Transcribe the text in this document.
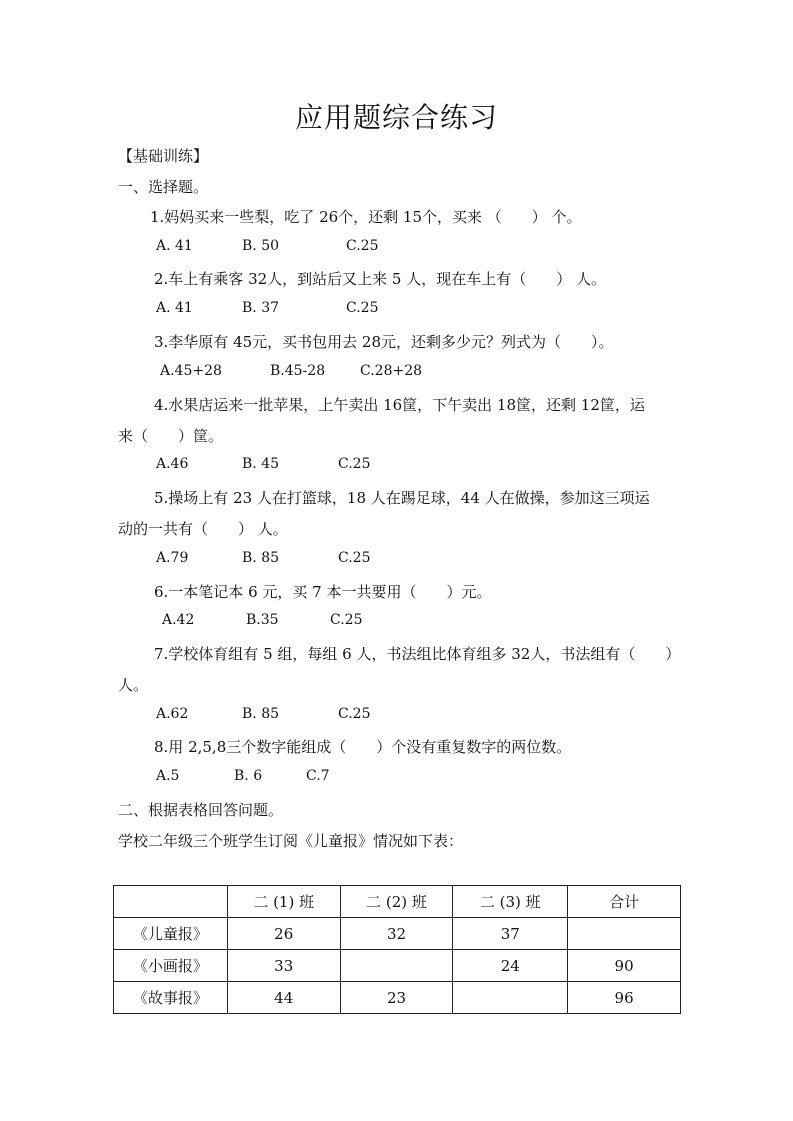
应用题综合练习
【基础训练】
一、选择题。
1.妈妈买来一些梨，吃了 26个，还剩 15个，买来 （　　） 个。
A. 41	B. 50	C.25
2.车上有乘客 32人，到站后又上来 5 人，现在车上有（　　） 人。
A. 41	B. 37	C.25
3.李华原有 45元，买书包用去 28元，还剩多少元？列式为（　　）。
A.45+28	B.45-28 C.28+28
4.水果店运来一批苹果，上午卖出 16筐，下午卖出 18筐，还剩 12筐，运
来（　　）筐。
A.46	B. 45	C.25
5.操场上有 23 人在打篮球，18 人在踢足球，44 人在做操，参加这三项运
动的一共有（　　） 人。
A.79	B. 85	C.25
6.一本笔记本 6 元，买 7 本一共要用（　　）元。
A.42	B.35	C.25
7.学校体育组有 5 组，每组 6 人，书法组比体育组多 32人，书法组有（　　）
人。
A.62	B. 85	C.25
8.用 2,5,8三个数字能组成（　　）个没有重复数字的两位数。
A.5	B. 6	C.7
二、根据表格回答问题。
学校二年级三个班学生订阅《儿童报》情况如下表：
	二 (1) 班	二 (2) 班	二 (3) 班	合计
《儿童报》	26	32	37	
《小画报》	33		24	90
《故事报》	44	23		96
